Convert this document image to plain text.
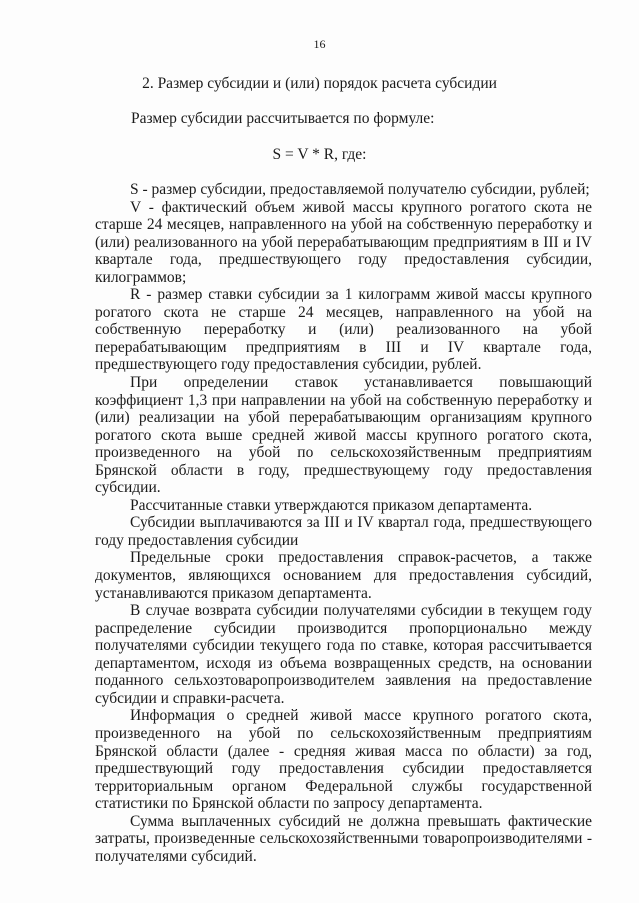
16
2. Размер субсидии и (или) порядок расчета субсидии
Размер субсидии рассчитывается по формуле:
S = V * R, где:

S - размер субсидии, предоставляемой получателю субсидии, рублей;

V - фактический объем живой массы крупного рогатого скота не старше 24 месяцев, направленного на убой на собственную переработку и (или) реализованного на убой перерабатывающим предприятиям в III и IV квартале года, предшествующего году предоставления субсидии, килограммов;

R - размер ставки субсидии за 1 килограмм живой массы крупного рогатого скота не старше 24 месяцев, направленного на убой на собственную переработку и (или) реализованного на убой перерабатывающим предприятиям в III и IV квартале года, предшествующего году предоставления субсидии, рублей.

При определении ставок устанавливается повышающий коэффициент 1,3 при направлении на убой на собственную переработку и (или) реализации на убой перерабатывающим организациям крупного рогатого скота выше средней живой массы крупного рогатого скота, произведенного на убой по сельскохозяйственным предприятиям Брянской области в году, предшествующему году предоставления субсидии.

Рассчитанные ставки утверждаются приказом департамента.

Субсидии выплачиваются за III и IV квартал года, предшествующего году предоставления субсидии

Предельные сроки предоставления справок-расчетов, а также документов, являющихся основанием для предоставления субсидий, устанавливаются приказом департамента.

В случае возврата субсидии получателями субсидии в текущем году распределение субсидии производится пропорционально между получателями субсидии текущего года по ставке, которая рассчитывается департаментом, исходя из объема возвращенных средств, на основании поданного сельхозтоваропроизводителем заявления на предоставление субсидии и справки-расчета.

Информация о средней живой массе крупного рогатого скота, произведенного на убой по сельскохозяйственным предприятиям Брянской области (далее - средняя живая масса по области) за год, предшествующий году предоставления субсидии предоставляется территориальным органом Федеральной службы государственной статистики по Брянской области по запросу департамента.

Сумма выплаченных субсидий не должна превышать фактические затраты, произведенные сельскохозяйственными товаропроизводителями - получателями субсидий.
